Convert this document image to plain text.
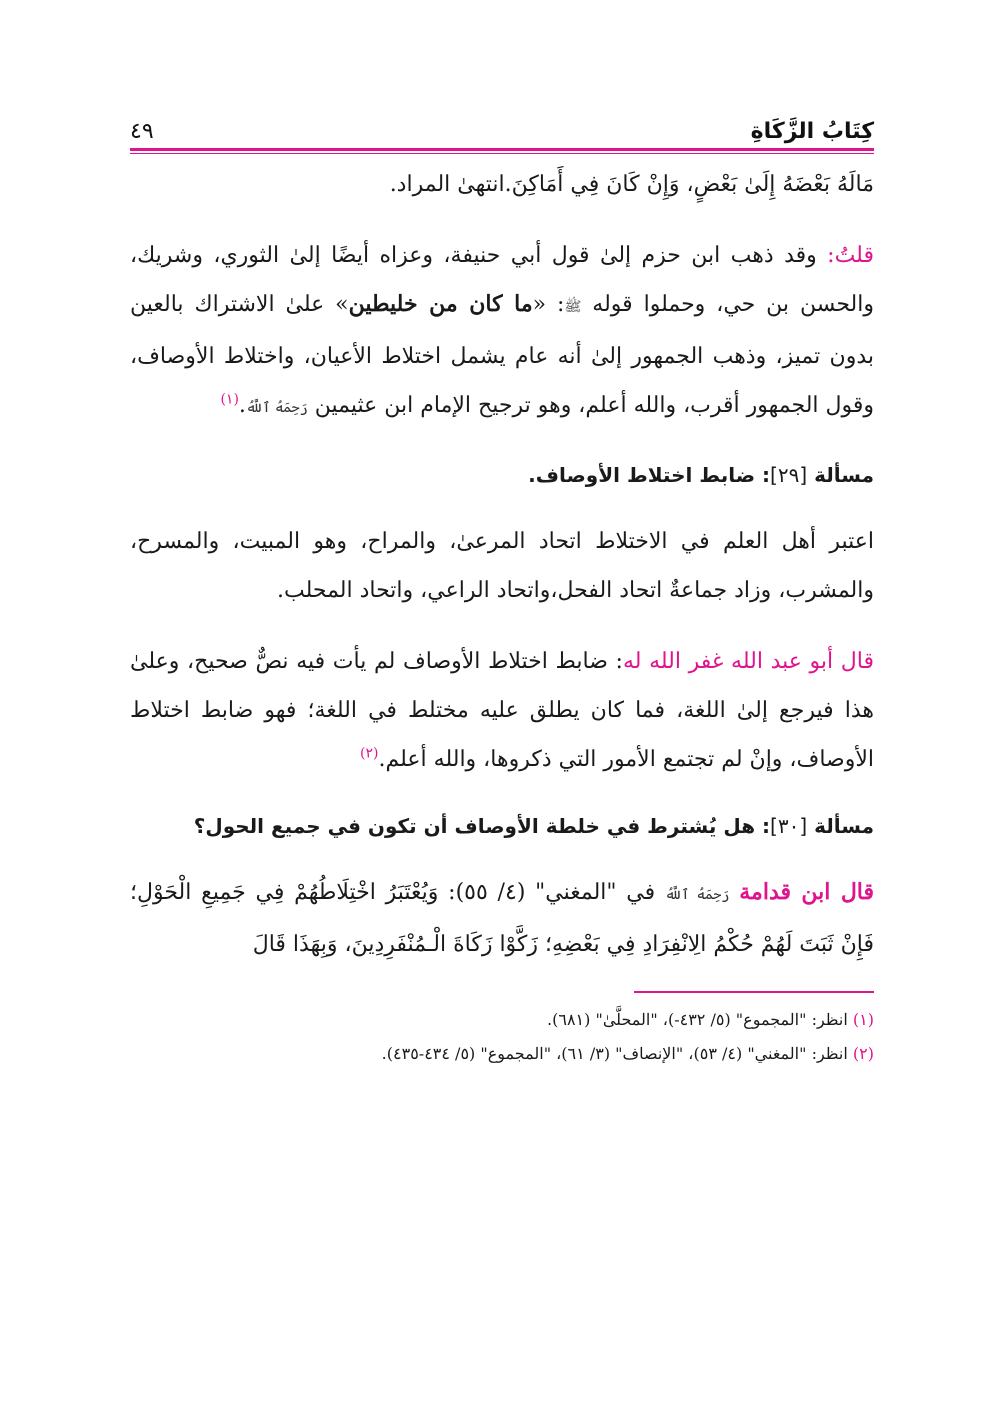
كِتَابُ الزَّكَاةِ
٤٩

مَالَهُ بَعْضَهُ إِلَىٰ بَعْضٍ، وَإِنْ كَانَ فِي أَمَاكِنَ.انتهىٰ المراد.

قلتُ: وقد ذهب ابن حزم إلىٰ قول أبي حنيفة، وعزاه أيضًا إلىٰ الثوري، وشريك، والحسن بن حي، وحملوا قوله ﷺ: «ما كان من خليطين» علىٰ الاشتراك بالعين بدون تميز، وذهب الجمهور إلىٰ أنه عام يشمل اختلاط الأعيان، واختلاط الأوصاف، وقول الجمهور أقرب، والله أعلم، وهو ترجيح الإمام ابن عثيمين رَحِمَهُ ٱللَّهُ.$^{(١)}$

مسألة [٢٩]: ضابط اختلاط الأوصاف.

اعتبر أهل العلم في الاختلاط اتحاد المرعىٰ، والمراح، وهو المبيت، والمسرح، والمشرب، وزاد جماعةٌ اتحاد الفحل،واتحاد الراعي، واتحاد المحلب.

قال أبو عبد الله غفر الله له: ضابط اختلاط الأوصاف لم يأت فيه نصٌّ صحيح، وعلىٰ هذا فيرجع إلىٰ اللغة، فما كان يطلق عليه مختلط في اللغة؛ فهو ضابط اختلاط الأوصاف، وإنْ لم تجتمع الأمور التي ذكروها، والله أعلم.$^{(٢)}$

مسألة [٣٠]: هل يُشترط في خلطة الأوصاف أن تكون في جميع الحول؟

قال ابن قدامة رَحِمَهُ ٱللَّهُ في "المغني" (٤/ ٥٥): وَيُعْتَبَرُ اخْتِلَاطُهُمْ فِي جَمِيعِ الْحَوْلِ؛ فَإِنْ ثَبَتَ لَهُمْ حُكْمُ الِانْفِرَادِ فِي بَعْضِهِ؛ زَكَّوْا زَكَاةَ الْـمُنْفَرِدِينَ، وَبِهَذَا قَالَ

(١) انظر: "المجموع" (٥/ ٤٣٢-)، "المحلَّىٰ" (٦٨١).
(٢) انظر: "المغني" (٤/ ٥٣)، "الإنصاف" (٣/ ٦١)، "المجموع" (٥/ ٤٣٤-٤٣٥).
